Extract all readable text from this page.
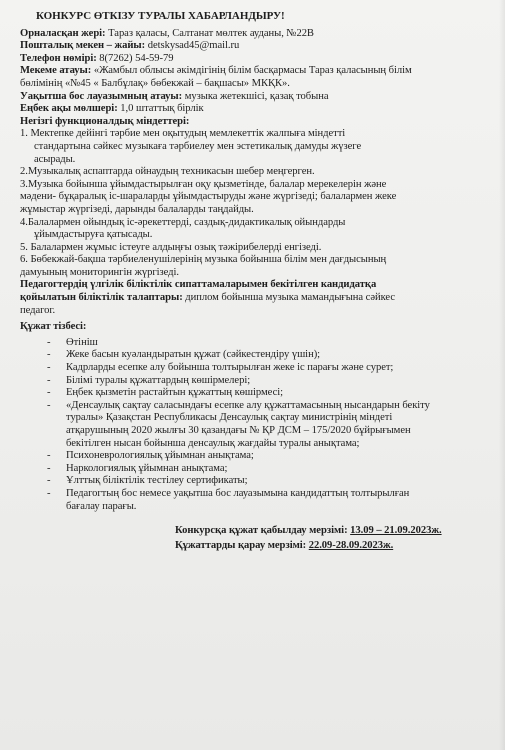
КОНКУРС ӨТКІЗУ ТУРАЛЫ ХАБАРЛАНДЫРУ!
Орналасқан жері: Тараз қаласы, Салтанат мөлтек ауданы, №22В
Пошталық мекен – жайы: detskysad45@mail.ru
Телефон нөмірі: 8(7262) 54-59-79
Мекеме атауы: «Жамбыл облысы әкімдігінің білім басқармасы Тараз қаласының білім
бөлімінің «№45 « Балбұлақ» бөбекжай – бақшасы» МКҚК».
Уақытша бос лауазымның атауы: музыка жетекшісі, қазақ тобына
Еңбек ақы мөлшері: 1,0 штаттық бірлік
Негізгі функционалдық міндеттері:
1. Мектепке дейінгі тәрбие мен оқытудың мемлекеттік жалпыға міндетті
стандартына сәйкес музыкаға тәрбиелеу мен эстетикалық дамуды жүзеге
асырады.
2.Музыкалық аспаптарда ойнаудың техникасын шебер меңгерген.
3.Музыка бойынша ұйымдастырылған оқу қызметінде, балалар мерекелерін және
мәдени- бұқаралық іс-шараларды ұйымдастыруды және жүргізеді; балалармен жеке
жұмыстар жүргізеді, дарынды балаларды таңдайды.
4.Балалармен ойындық іс-әрекеттерді, саздық-дидактикалық ойындарды
ұйымдастыруға қатысады.
5. Балалармен жұмыс істеуге алдыңғы озық тәжірибелерді енгізеді.
6. Бөбекжай-бақша тәрбиеленушілерінің музыка бойынша білім мен дағдысының
дамуының мониторингін жүргізеді.
Педагогтердің үлгілік біліктілік сипаттамаларымен бекітілген кандидатқа
қойылатын біліктілік талаптары: диплом бойынша музыка мамандығына сәйкес
педагог.
Құжат тізбесі:
- Өтініш
- Жеке басын куәландыратын құжат (сәйкестендіру үшін);
- Кадрларды есепке алу бойынша толтырылған жеке іс парағы және сурет;
- Білімі туралы құжаттардың көшірмелері;
- Еңбек қызметін растайтын құжаттың көшірмесі;
- «Денсаулық сақтау саласындағы есепке алу құжаттамасының нысандарын бекіту
туралы» Қазақстан Республикасы Денсаулық сақтау министрінің міндеті
атқарушының 2020 жылғы 30 қазандағы № ҚР ДСМ – 175/2020 бұйрығымен
бекітілген нысан бойынша денсаулық жағдайы туралы анықтама;
- Психоневрологиялық ұйымнан анықтама;
- Наркологиялық ұйымнан анықтама;
- Ұлттық біліктілік тестілеу сертификаты;
- Педагогтың бос немесе уақытша бос лауазымына кандидаттың толтырылған
бағалау парағы.
Конкурсқа құжат қабылдау мерзімі: 13.09 – 21.09.2023ж.
Құжаттарды қарау мерзімі: 22.09-28.09.2023ж.
